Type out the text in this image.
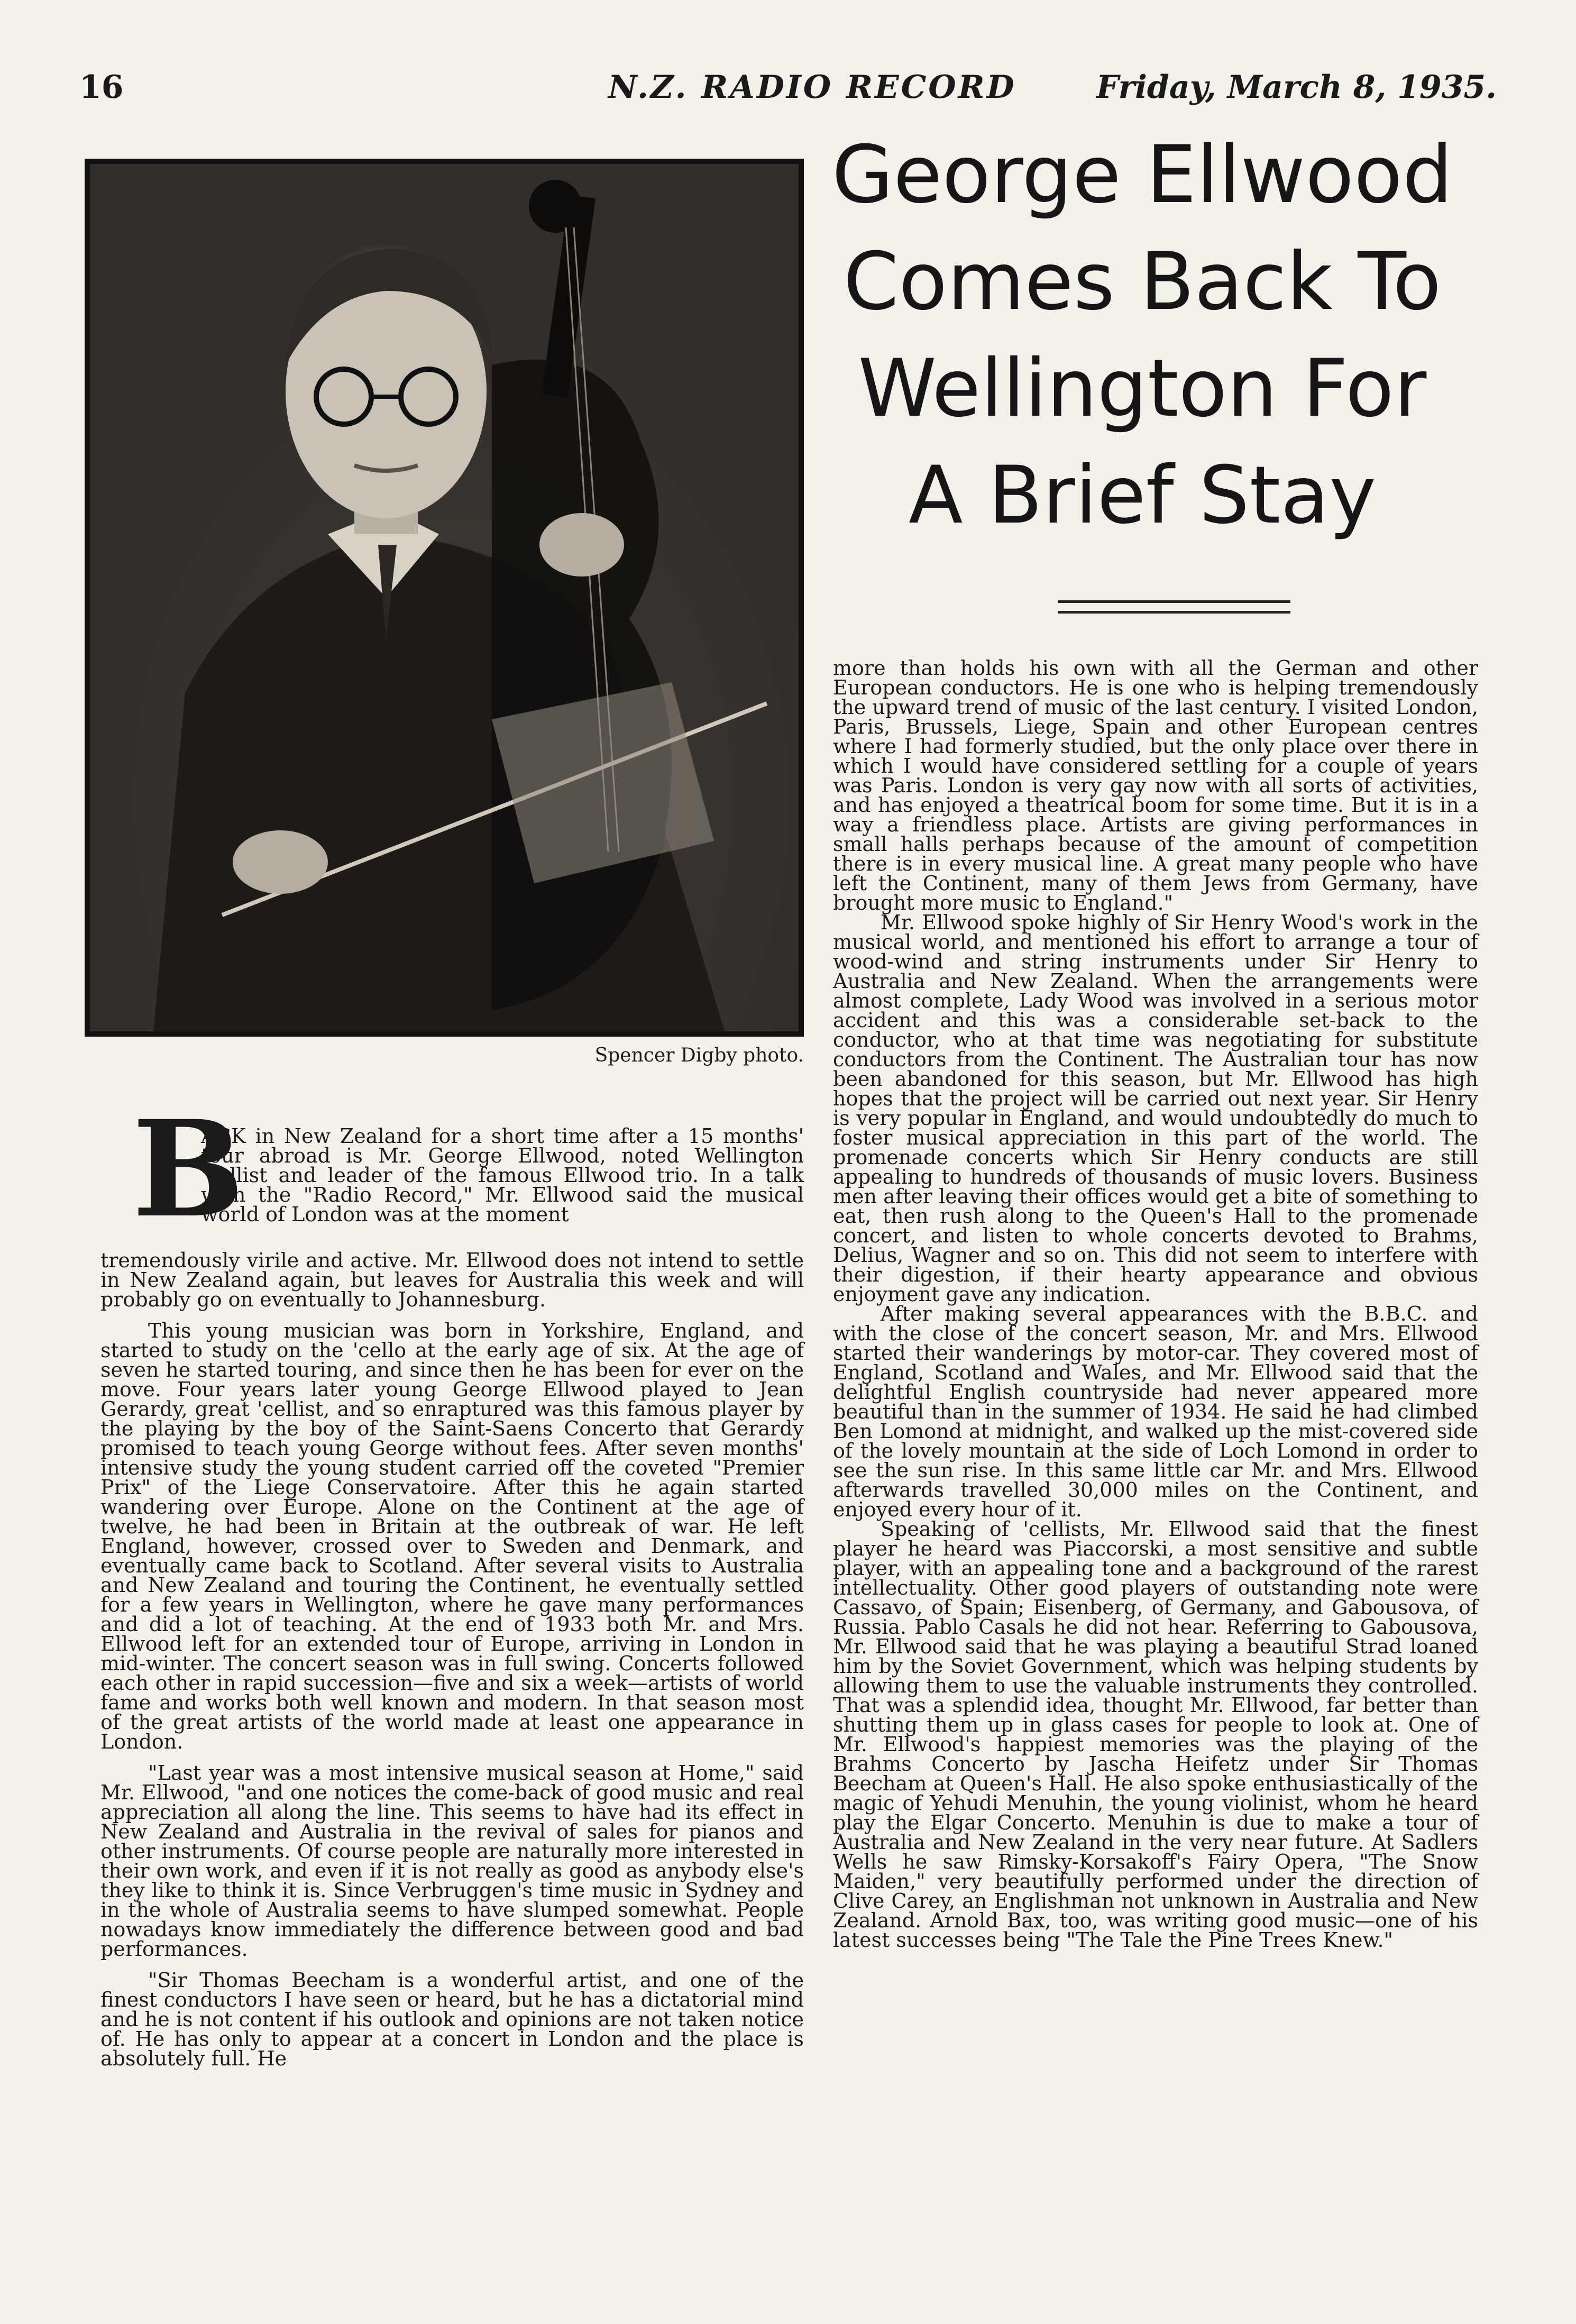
16	N.Z. RADIO RECORD	Friday, March 8, 1935.
Spencer Digby photo.
George Ellwood
Comes Back To
Wellington For
A Brief Stay
B
ACK in New Zealand for a short time after a 15 months' tour abroad is Mr. George Ellwood, noted Wellington 'cellist and leader of the famous Ellwood trio. In a talk with the "Radio Record," Mr. Ellwood said the musical world of London was at the moment

tremendously virile and active. Mr. Ellwood does not intend to settle in New Zealand again, but leaves for Australia this week and will probably go on eventually to Johannesburg.

This young musician was born in Yorkshire, England, and started to study on the 'cello at the early age of six. At the age of seven he started touring, and since then he has been for ever on the move. Four years later young George Ellwood played to Jean Gerardy, great 'cellist, and so enraptured was this famous player by the playing by the boy of the Saint-Saens Concerto that Gerardy promised to teach young George without fees. After seven months' intensive study the young student carried off the coveted "Premier Prix" of the Liege Conservatoire. After this he again started wandering over Europe. Alone on the Continent at the age of twelve, he had been in Britain at the outbreak of war. He left England, however, crossed over to Sweden and Denmark, and eventually came back to Scotland. After several visits to Australia and New Zealand and touring the Continent, he eventually settled for a few years in Wellington, where he gave many performances and did a lot of teaching. At the end of 1933 both Mr. and Mrs. Ellwood left for an extended tour of Europe, arriving in London in mid-winter. The concert season was in full swing. Concerts followed each other in rapid succession—five and six a week—artists of world fame and works both well known and modern. In that season most of the great artists of the world made at least one appearance in London.

"Last year was a most intensive musical season at Home," said Mr. Ellwood, "and one notices the come-back of good music and real appreciation all along the line. This seems to have had its effect in New Zealand and Australia in the revival of sales for pianos and other instruments. Of course people are naturally more interested in their own work, and even if it is not really as good as anybody else's they like to think it is. Since Verbruggen's time music in Sydney and in the whole of Australia seems to have slumped somewhat. People nowadays know immediately the difference between good and bad performances.

"Sir Thomas Beecham is a wonderful artist, and one of the finest conductors I have seen or heard, but he has a dictatorial mind and he is not content if his outlook and opinions are not taken notice of. He has only to appear at a concert in London and the place is absolutely full. He

more than holds his own with all the German and other European conductors. He is one who is helping tremendously the upward trend of music of the last century. I visited London, Paris, Brussels, Liege, Spain and other European centres where I had formerly studied, but the only place over there in which I would have considered settling for a couple of years was Paris. London is very gay now with all sorts of activities, and has enjoyed a theatrical boom for some time. But it is in a way a friendless place. Artists are giving performances in small halls perhaps because of the amount of competition there is in every musical line. A great many people who have left the Continent, many of them Jews from Germany, have brought more music to England."

Mr. Ellwood spoke highly of Sir Henry Wood's work in the musical world, and mentioned his effort to arrange a tour of wood-wind and string instruments under Sir Henry to Australia and New Zealand. When the arrangements were almost complete, Lady Wood was involved in a serious motor accident and this was a considerable set-back to the conductor, who at that time was negotiating for substitute conductors from the Continent. The Australian tour has now been abandoned for this season, but Mr. Ellwood has high hopes that the project will be carried out next year. Sir Henry is very popular in England, and would undoubtedly do much to foster musical appreciation in this part of the world. The promenade concerts which Sir Henry conducts are still appealing to hundreds of thousands of music lovers. Business men after leaving their offices would get a bite of something to eat, then rush along to the Queen's Hall to the promenade concert, and listen to whole concerts devoted to Brahms, Delius, Wagner and so on. This did not seem to interfere with their digestion, if their hearty appearance and obvious enjoyment gave any indication.

After making several appearances with the B.B.C. and with the close of the concert season, Mr. and Mrs. Ellwood started their wanderings by motor-car. They covered most of England, Scotland and Wales, and Mr. Ellwood said that the delightful English countryside had never appeared more beautiful than in the summer of 1934. He said he had climbed Ben Lomond at midnight, and walked up the mist-covered side of the lovely mountain at the side of Loch Lomond in order to see the sun rise. In this same little car Mr. and Mrs. Ellwood afterwards travelled 30,000 miles on the Continent, and enjoyed every hour of it.

Speaking of 'cellists, Mr. Ellwood said that the finest player he heard was Piaccorski, a most sensitive and subtle player, with an appealing tone and a background of the rarest intellectuality. Other good players of outstanding note were Cassavo, of Spain; Eisenberg, of Germany, and Gabousova, of Russia. Pablo Casals he did not hear. Referring to Gabousova, Mr. Ellwood said that he was playing a beautiful Strad loaned him by the Soviet Government, which was helping students by allowing them to use the valuable instruments they controlled. That was a splendid idea, thought Mr. Ellwood, far better than shutting them up in glass cases for people to look at. One of Mr. Ellwood's happiest memories was the playing of the Brahms Concerto by Jascha Heifetz under Sir Thomas Beecham at Queen's Hall. He also spoke enthusiastically of the magic of Yehudi Menuhin, the young violinist, whom he heard play the Elgar Concerto. Menuhin is due to make a tour of Australia and New Zealand in the very near future. At Sadlers Wells he saw Rimsky-Korsakoff's Fairy Opera, "The Snow Maiden," very beautifully performed under the direction of Clive Carey, an Englishman not unknown in Australia and New Zealand. Arnold Bax, too, was writing good music—one of his latest successes being "The Tale the Pine Trees Knew."
